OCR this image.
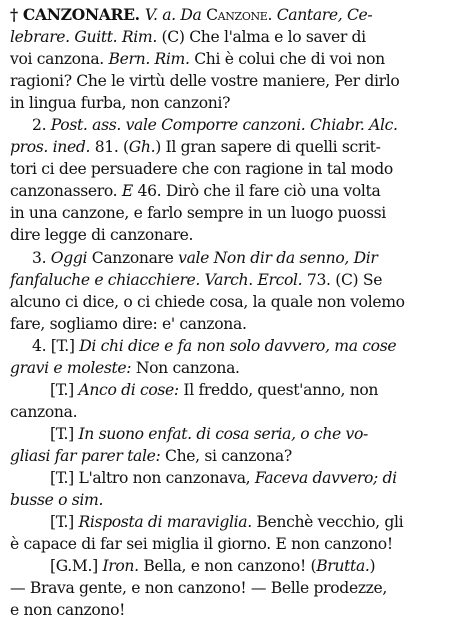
† CANZONARE. V. a. Da Canzone. Cantare, Ce-
lebrare. Guitt. Rim. (C) Che l'alma e lo saver di
voi canzona. Bern. Rim. Chi è colui che di voi non
ragioni? Che le virtù delle vostre maniere, Per dirlo
in lingua furba, non canzoni?
2. Post. ass. vale Comporre canzoni. Chiabr. Alc.
pros. ined. 81. (Gh.) Il gran sapere di quelli scrit-
tori ci dee persuadere che con ragione in tal modo
canzonassero. E 46. Dirò che il fare ciò una volta
in una canzone, e farlo sempre in un luogo puossi
dire legge di canzonare.
3. Oggi Canzonare vale Non dir da senno, Dir
fanfaluche e chiacchiere. Varch. Ercol. 73. (C) Se
alcuno ci dice, o ci chiede cosa, la quale non volemo
fare, sogliamo dire: e' canzona.
4. [T.] Di chi dice e fa non solo davvero, ma cose
gravi e moleste: Non canzona.
[T.] Anco di cose: Il freddo, quest'anno, non
canzona.
[T.] In suono enfat. di cosa seria, o che vo-
gliasi far parer tale: Che, si canzona?
[T.] L'altro non canzonava, Faceva davvero; di
busse o sim.
[T.] Risposta di maraviglia. Benchè vecchio, gli
è capace di far sei miglia il giorno. E non canzono!
[G.M.] Iron. Bella, e non canzono! (Brutta.)
— Brava gente, e non canzono! — Belle prodezze,
e non canzono!
